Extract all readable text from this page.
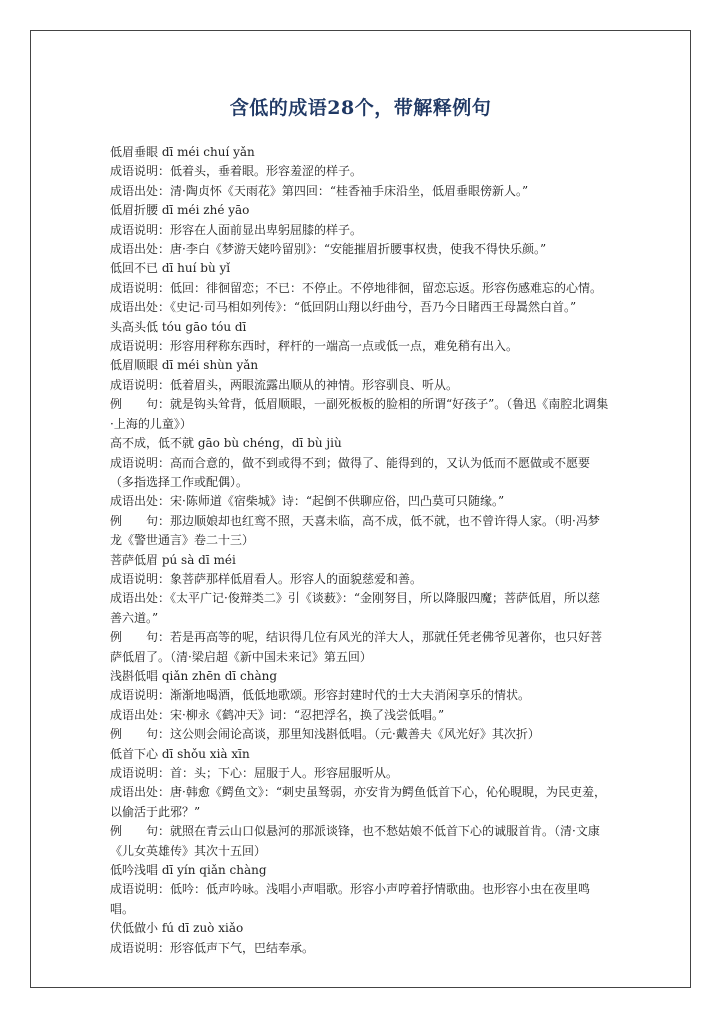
含低的成语28个，带解释例句

低眉垂眼 dī méi chuí yǎn

成语说明：低着头，垂着眼。形容羞涩的样子。

成语出处：清·陶贞怀《天雨花》第四回：“桂香袖手床沿坐，低眉垂眼傍新人。”

低眉折腰 dī méi zhé yāo

成语说明：形容在人面前显出卑躬屈膝的样子。

成语出处：唐·李白《梦游天姥吟留别》：“安能摧眉折腰事权贵，使我不得快乐颜。”

低回不已 dī huí bù yǐ

成语说明：低回：徘徊留恋；不已：不停止。不停地徘徊，留恋忘返。形容伤感难忘的心情。

成语出处：《史记·司马相如列传》：“低回阴山翔以纡曲兮，吾乃今日睹西王母暠然白首。”

头高头低 tóu gāo tóu dī

成语说明：形容用秤称东西时，秤杆的一端高一点或低一点，难免稍有出入。

低眉顺眼 dī méi shùn yǎn

成语说明：低着眉头，两眼流露出顺从的神情。形容驯良、听从。

例　　句：就是钩头耸背，低眉顺眼，一副死板板的脸相的所谓“好孩子”。（鲁迅《南腔北调集·上海的儿童》）

高不成，低不就 gāo bù chéng，dī bù jiù

成语说明：高而合意的，做不到或得不到；做得了、能得到的，又认为低而不愿做或不愿要（多指选择工作或配偶）。

成语出处：宋·陈师道《宿柴城》诗：“起倒不供聊应俗，凹凸莫可只随缘。”

例　　句：那边顺娘却也红鸾不照，天喜未临，高不成，低不就，也不曾许得人家。（明·冯梦龙《警世通言》卷二十三）

菩萨低眉 pú sà dī méi

成语说明：象菩萨那样低眉看人。形容人的面貌慈爱和善。

成语出处：《太平广记·俊辩类二》引《谈薮》：“金刚努目，所以降服四魔；菩萨低眉，所以慈善六道。”

例　　句：若是再高等的呢，结识得几位有风光的洋大人，那就任凭老佛爷见著你，也只好菩萨低眉了。（清·梁启超《新中国未来记》第五回）

浅斟低唱 qiǎn zhēn dī chàng

成语说明：渐渐地喝酒，低低地歌颂。形容封建时代的士大夫消闲享乐的情状。

成语出处：宋·柳永《鹤冲天》词：“忍把浮名，换了浅尝低唱。”

例　　句：这公则会闹论高谈，那里知浅斟低唱。（元·戴善夫《风光好》其次折）

低首下心 dī shǒu xià xīn

成语说明：首：头；下心：屈服于人。形容屈服听从。

成语出处：唐·韩愈《鳄鱼文》：“刺史虽驽弱，亦安肯为鳄鱼低首下心，伈伈睍睍，为民吏羞，以偷活于此邪？”

例　　句：就照在青云山口似悬河的那派谈锋，也不愁姑娘不低首下心的诚服首肯。（清·文康《儿女英雄传》其次十五回）

低吟浅唱 dī yín qiǎn chàng

成语说明：低吟：低声吟咏。浅唱小声唱歌。形容小声哼着抒情歌曲。也形容小虫在夜里鸣唱。

伏低做小 fú dī zuò xiǎo

成语说明：形容低声下气，巴结奉承。
